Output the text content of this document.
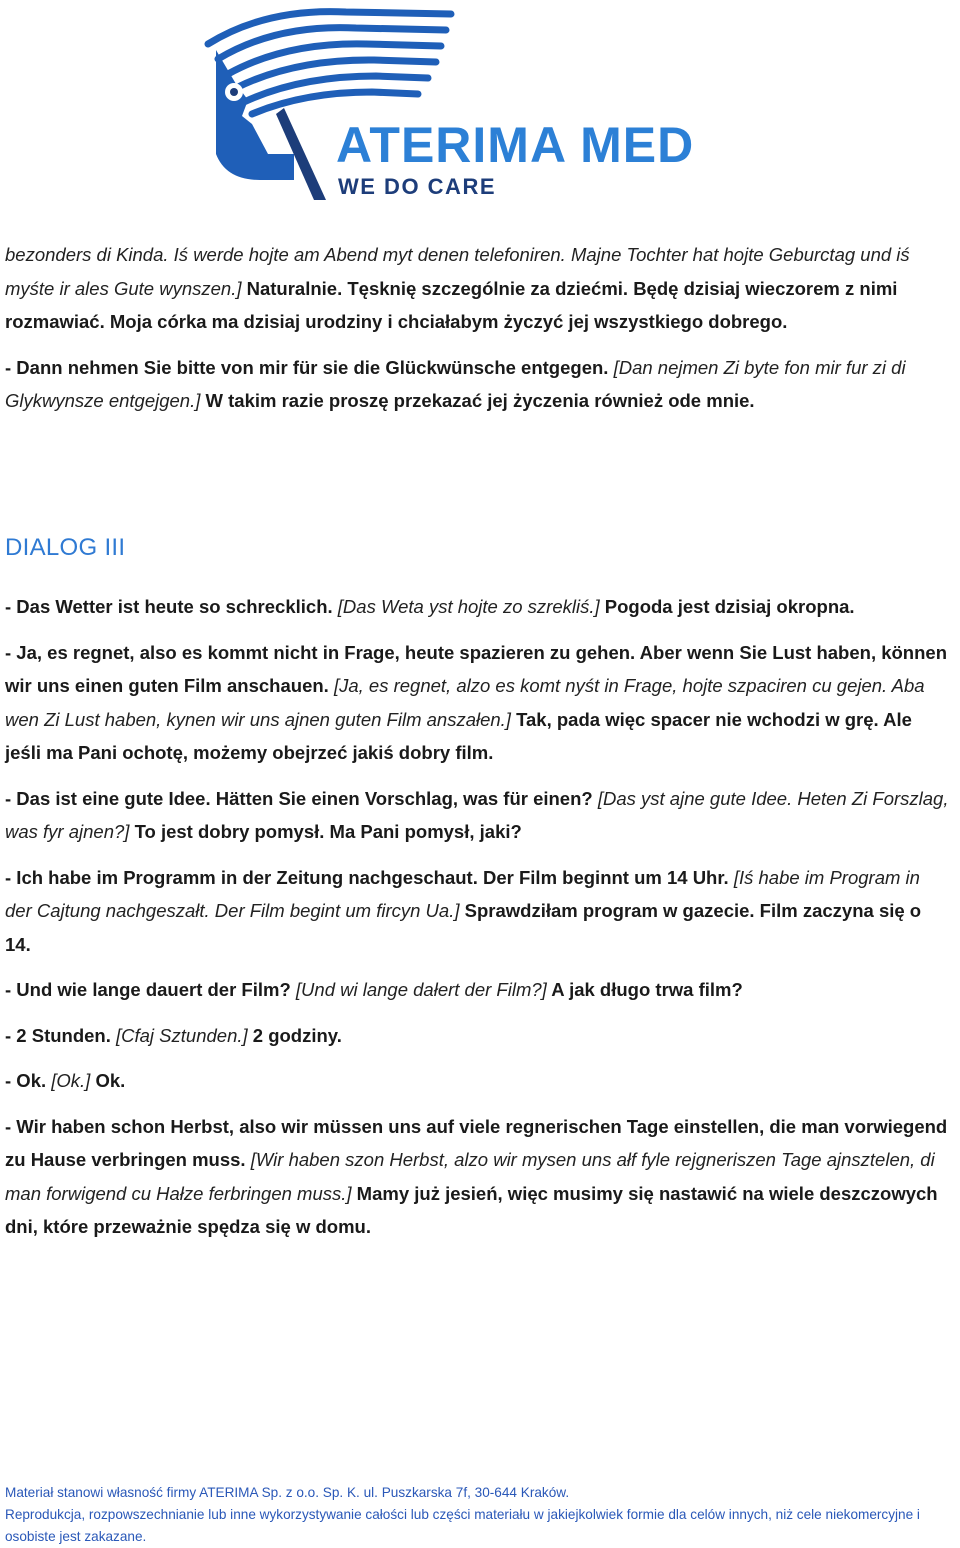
ATERIMA MED
WE DO CARE

bezonders di Kinda. Iś werde hojte am Abend myt denen telefoniren. Majne Tochter hat hojte Geburctag und iś myśte ir ales Gute wynszen.] Naturalnie. Tęsknię szczególnie za dziećmi. Będę dzisiaj wieczorem z nimi rozmawiać. Moja córka ma dzisiaj urodziny i chciałabym życzyć jej wszystkiego dobrego.

- Dann nehmen Sie bitte von mir für sie die Glückwünsche entgegen. [Dan nejmen Zi byte fon mir fur zi di Glykwynsze entgejgen.] W takim razie proszę przekazać jej życzenia również ode mnie.

DIALOG III

- Das Wetter ist heute so schrecklich. [Das Weta yst hojte zo szrekliś.] Pogoda jest dzisiaj okropna.

- Ja, es regnet, also es kommt nicht in Frage, heute spazieren zu gehen. Aber wenn Sie Lust haben, können wir uns einen guten Film anschauen. [Ja, es regnet, alzo es komt nyśt in Frage, hojte szpaciren cu gejen. Aba wen Zi Lust haben, kynen wir uns ajnen guten Film anszałen.] Tak, pada więc spacer nie wchodzi w grę. Ale jeśli ma Pani ochotę, możemy obejrzeć jakiś dobry film.

- Das ist eine gute Idee. Hätten Sie einen Vorschlag, was für einen? [Das yst ajne gute Idee. Heten Zi Forszlag, was fyr ajnen?] To jest dobry pomysł. Ma Pani pomysł, jaki?

- Ich habe im Programm in der Zeitung nachgeschaut. Der Film beginnt um 14 Uhr. [Iś habe im Program in der Cajtung nachgeszałt. Der Film begint um fircyn Ua.] Sprawdziłam program w gazecie. Film zaczyna się o 14.

- Und wie lange dauert der Film? [Und wi lange dałert der Film?] A jak długo trwa film?

- 2 Stunden. [Cfaj Sztunden.] 2 godziny.

- Ok. [Ok.] Ok.

- Wir haben schon Herbst, also wir müssen uns auf viele regnerischen Tage einstellen, die man vorwiegend zu Hause verbringen muss. [Wir haben szon Herbst, alzo wir mysen uns ałf fyle rejgneriszen Tage ajnsztelen, di man forwigend cu Hałze ferbringen muss.] Mamy już jesień, więc musimy się nastawić na wiele deszczowych dni, które przeważnie spędza się w domu.

Materiał stanowi własność firmy ATERIMA Sp. z o.o. Sp. K. ul. Puszkarska 7f, 30-644 Kraków.

Reprodukcja, rozpowszechnianie lub inne wykorzystywanie całości lub części materiału w jakiejkolwiek formie dla celów innych, niż cele niekomercyjne i osobiste jest zakazane.
